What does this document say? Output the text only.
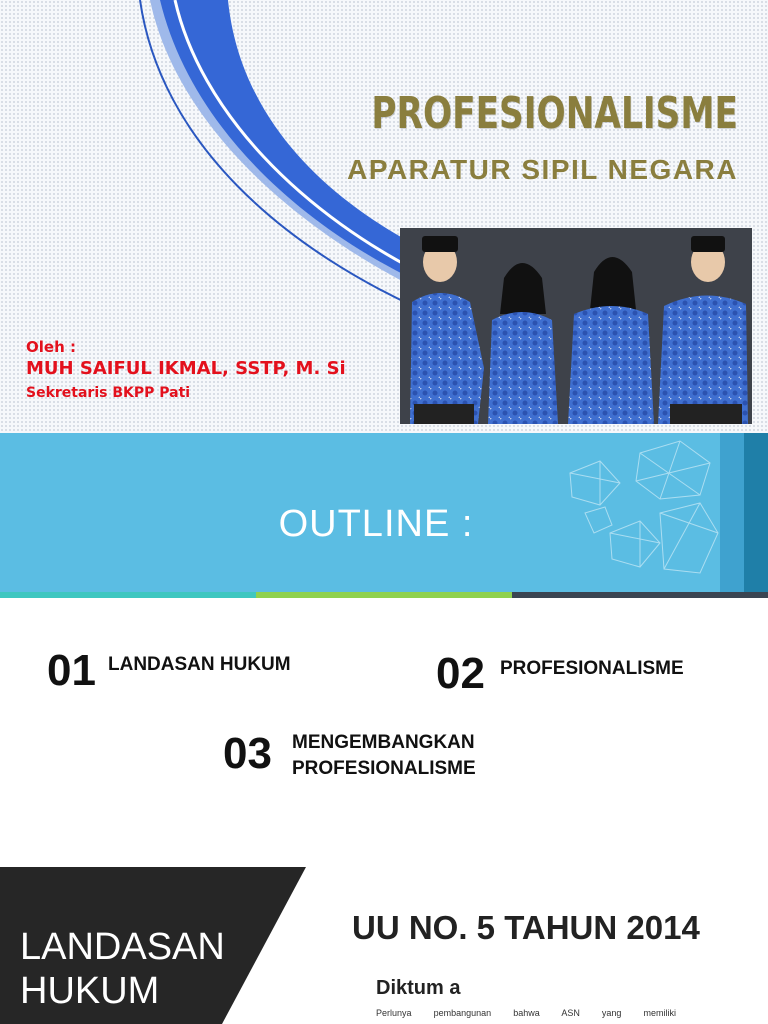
PROFESIONALISME
APARATUR SIPIL NEGARA
Oleh :
MUH SAIFUL IKMAL, SSTP, M. Si
Sekretaris BKPP Pati
OUTLINE :
01 LANDASAN HUKUM	02 PROFESIONALISME
03 MENGEMBANGKAN
PROFESIONALISME
LANDASAN
HUKUM
UU NO. 5 TAHUN 2014
Diktum a
Perlunya pembangunan bahwa ASN yang memiliki
